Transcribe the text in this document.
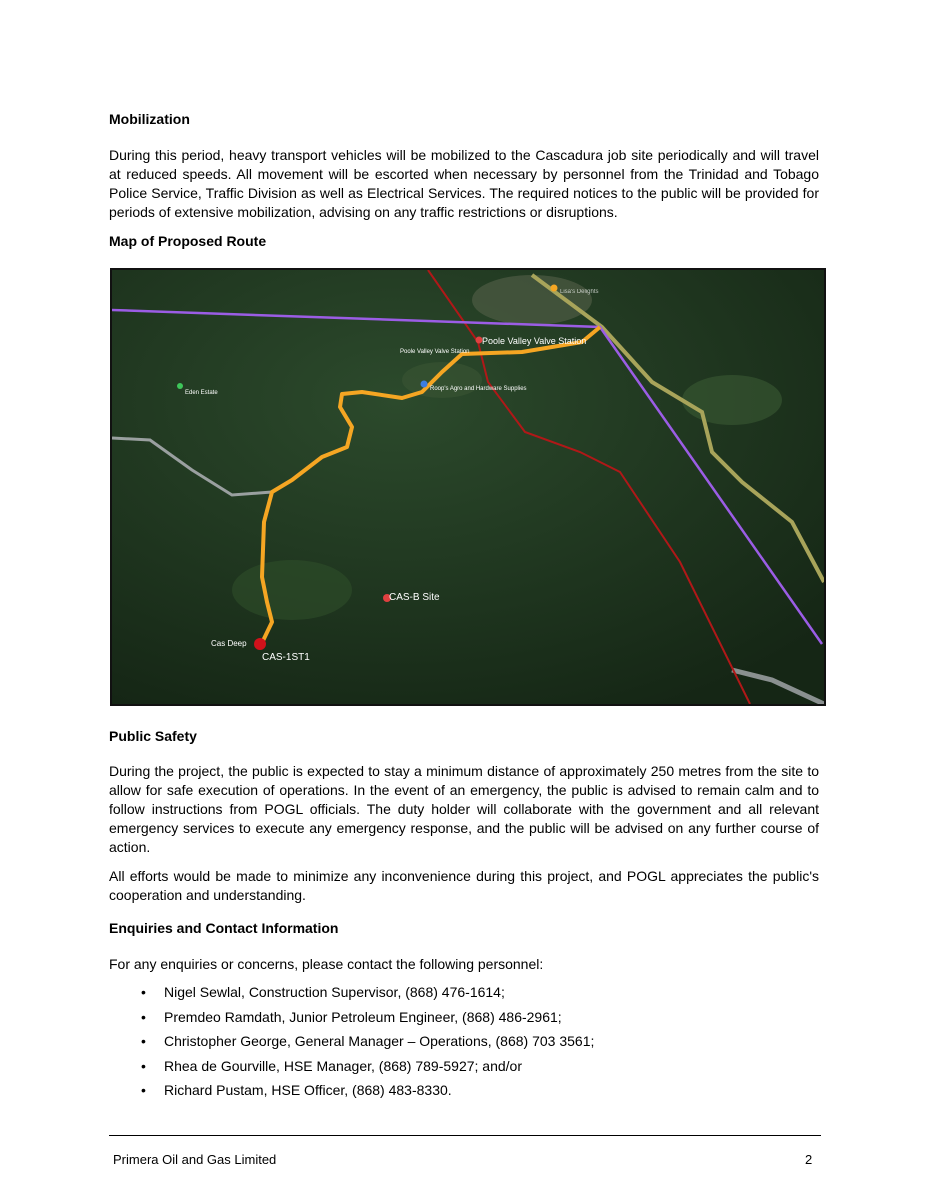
Mobilization

During this period, heavy transport vehicles will be mobilized to the Cascadura job site periodically and will travel at reduced speeds. All movement will be escorted when necessary by personnel from the Trinidad and Tobago Police Service, Traffic Division as well as Electrical Services. The required notices to the public will be provided for periods of extensive mobilization, advising on any traffic restrictions or disruptions.

Map of Proposed Route
Poole Valley Valve Station
Poole Valley Valve Station
Roop's Agro and Hardware Supplies
Eden Estate
Lisa's Delights
CAS-B Site
Cas Deep
CAS-1ST1
Public Safety

During the project, the public is expected to stay a minimum distance of approximately 250 metres from the site to allow for safe execution of operations. In the event of an emergency, the public is advised to remain calm and to follow instructions from POGL officials. The duty holder will collaborate with the government and all relevant emergency services to execute any emergency response, and the public will be advised on any further course of action.

All efforts would be made to minimize any inconvenience during this project, and POGL appreciates the public's cooperation and understanding.

Enquiries and Contact Information

For any enquiries or concerns, please contact the following personnel:

• Nigel Sewlal, Construction Supervisor, (868) 476-1614;
• Premdeo Ramdath, Junior Petroleum Engineer, (868) 486-2961;
• Christopher George, General Manager – Operations, (868) 703 3561;
• Rhea de Gourville, HSE Manager, (868) 789-5927; and/or
• Richard Pustam, HSE Officer, (868) 483-8330.
Primera Oil and Gas Limited	2
